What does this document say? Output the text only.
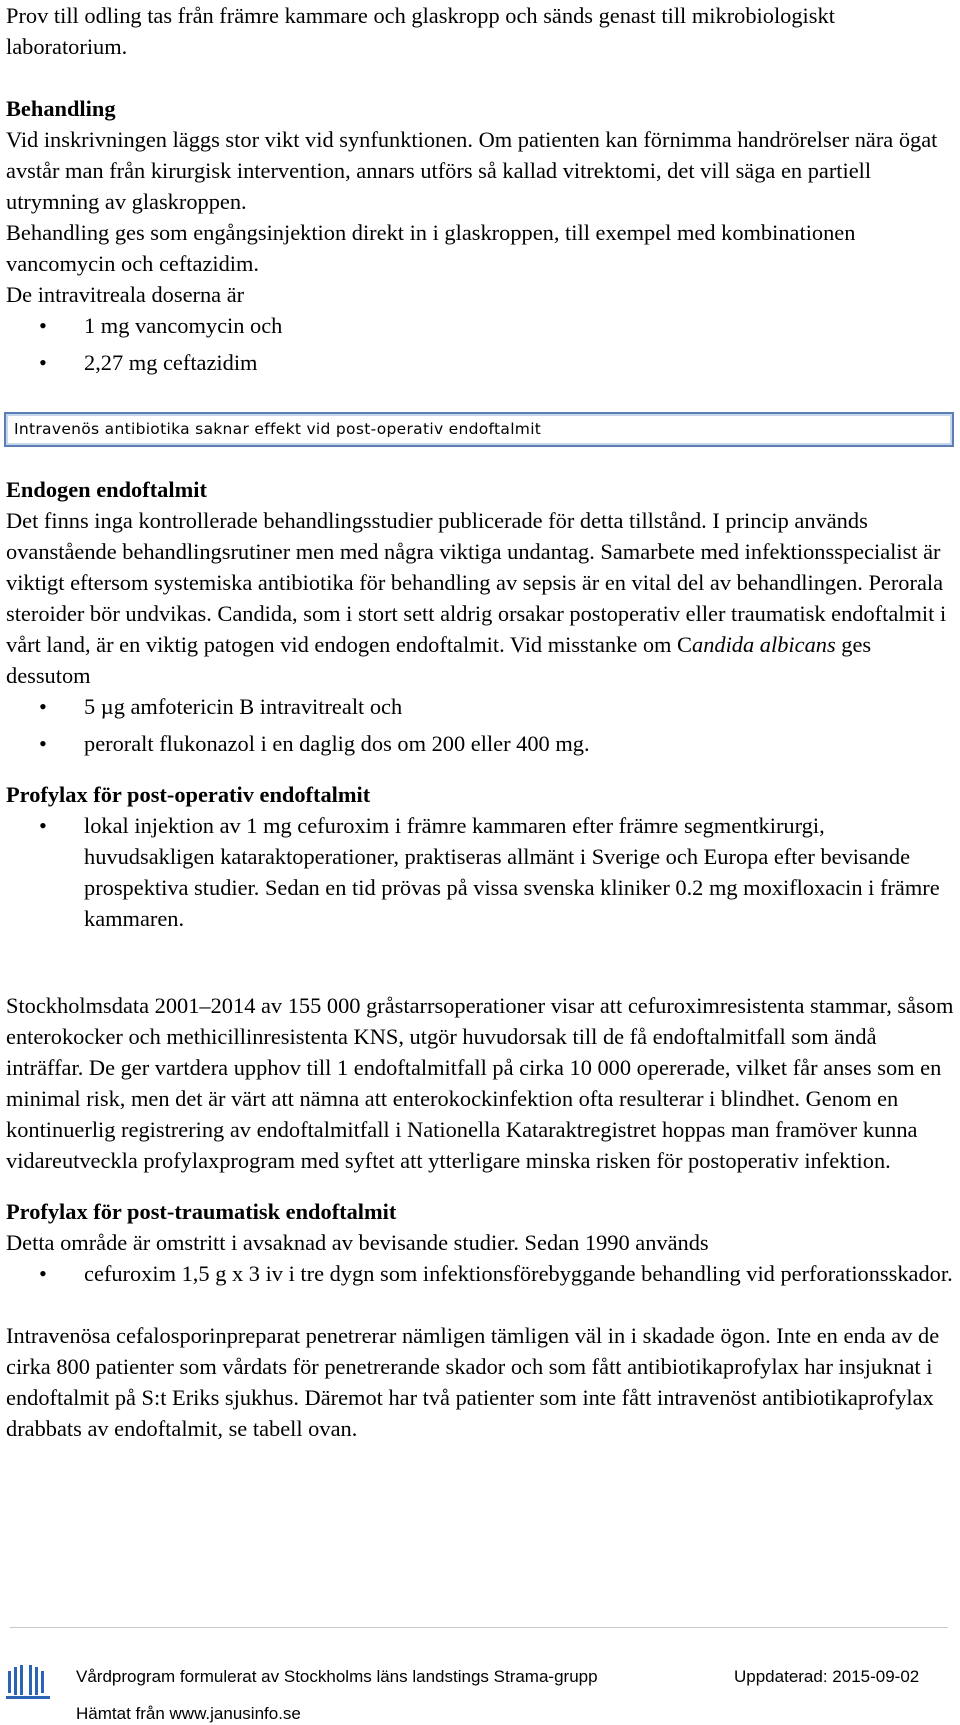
Prov till odling tas från främre kammare och glaskropp och sänds genast till mikrobiologiskt laboratorium.

Behandling

Vid inskrivningen läggs stor vikt vid synfunktionen. Om patienten kan förnimma handrörelser nära ögat avstår man från kirurgisk intervention, annars utförs så kallad vitrektomi, det vill säga en partiell utrymning av glaskroppen.

Behandling ges som engångsinjektion direkt in i glaskroppen, till exempel med kombinationen vancomycin och ceftazidim.

De intravitreala doserna är

• 1 mg vancomycin och
• 2,27 mg ceftazidim
Intravenös antibiotika saknar effekt vid post-operativ endoftalmit

Endogen endoftalmit

Det finns inga kontrollerade behandlingsstudier publicerade för detta tillstånd. I princip används ovanstående behandlingsrutiner men med några viktiga undantag. Samarbete med infektionsspecialist är viktigt eftersom systemiska antibiotika för behandling av sepsis är en vital del av behandlingen. Perorala steroider bör undvikas. Candida, som i stort sett aldrig orsakar postoperativ eller traumatisk endoftalmit i vårt land, är en viktig patogen vid endogen endoftalmit. Vid misstanke om Candida albicans ges dessutom

• 5 µg amfotericin B intravitrealt och
• peroralt flukonazol i en daglig dos om 200 eller 400 mg.

Profylax för post-operativ endoftalmit

• lokal injektion av 1 mg cefuroxim i främre kammaren efter främre segmentkirurgi, huvudsakligen kataraktoperationer, praktiseras allmänt i Sverige och Europa efter bevisande prospektiva studier. Sedan en tid prövas på vissa svenska kliniker 0.2 mg moxifloxacin i främre kammaren.

Stockholmsdata 2001–2014 av 155 000 gråstarrsoperationer visar att cefuroximresistenta stammar, såsom enterokocker och methicillinresistenta KNS, utgör huvudorsak till de få endoftalmitfall som ändå inträffar. De ger vartdera upphov till 1 endoftalmitfall på cirka 10 000 opererade, vilket får anses som en minimal risk, men det är värt att nämna att enterokockinfektion ofta resulterar i blindhet. Genom en kontinuerlig registrering av endoftalmitfall i Nationella Kataraktregistret hoppas man framöver kunna vidareutveckla profylaxprogram med syftet att ytterligare minska risken för postoperativ infektion.

Profylax för post-traumatisk endoftalmit

Detta område är omstritt i avsaknad av bevisande studier. Sedan 1990 används

• cefuroxim 1,5 g x 3 iv i tre dygn som infektionsförebyggande behandling vid perforationsskador.

Intravenösa cefalosporinpreparat penetrerar nämligen tämligen väl in i skadade ögon. Inte en enda av de cirka 800 patienter som vårdats för penetrerande skador och som fått antibiotikaprofylax har insjuknat i endoftalmit på S:t Eriks sjukhus. Däremot har två patienter som inte fått intravenöst antibiotikaprofylax drabbats av endoftalmit, se tabell ovan.

Vårdprogram formulerat av Stockholms läns landstings Strama-grupp	Uppdaterad: 2015-09-02
Hämtat från www.janusinfo.se
